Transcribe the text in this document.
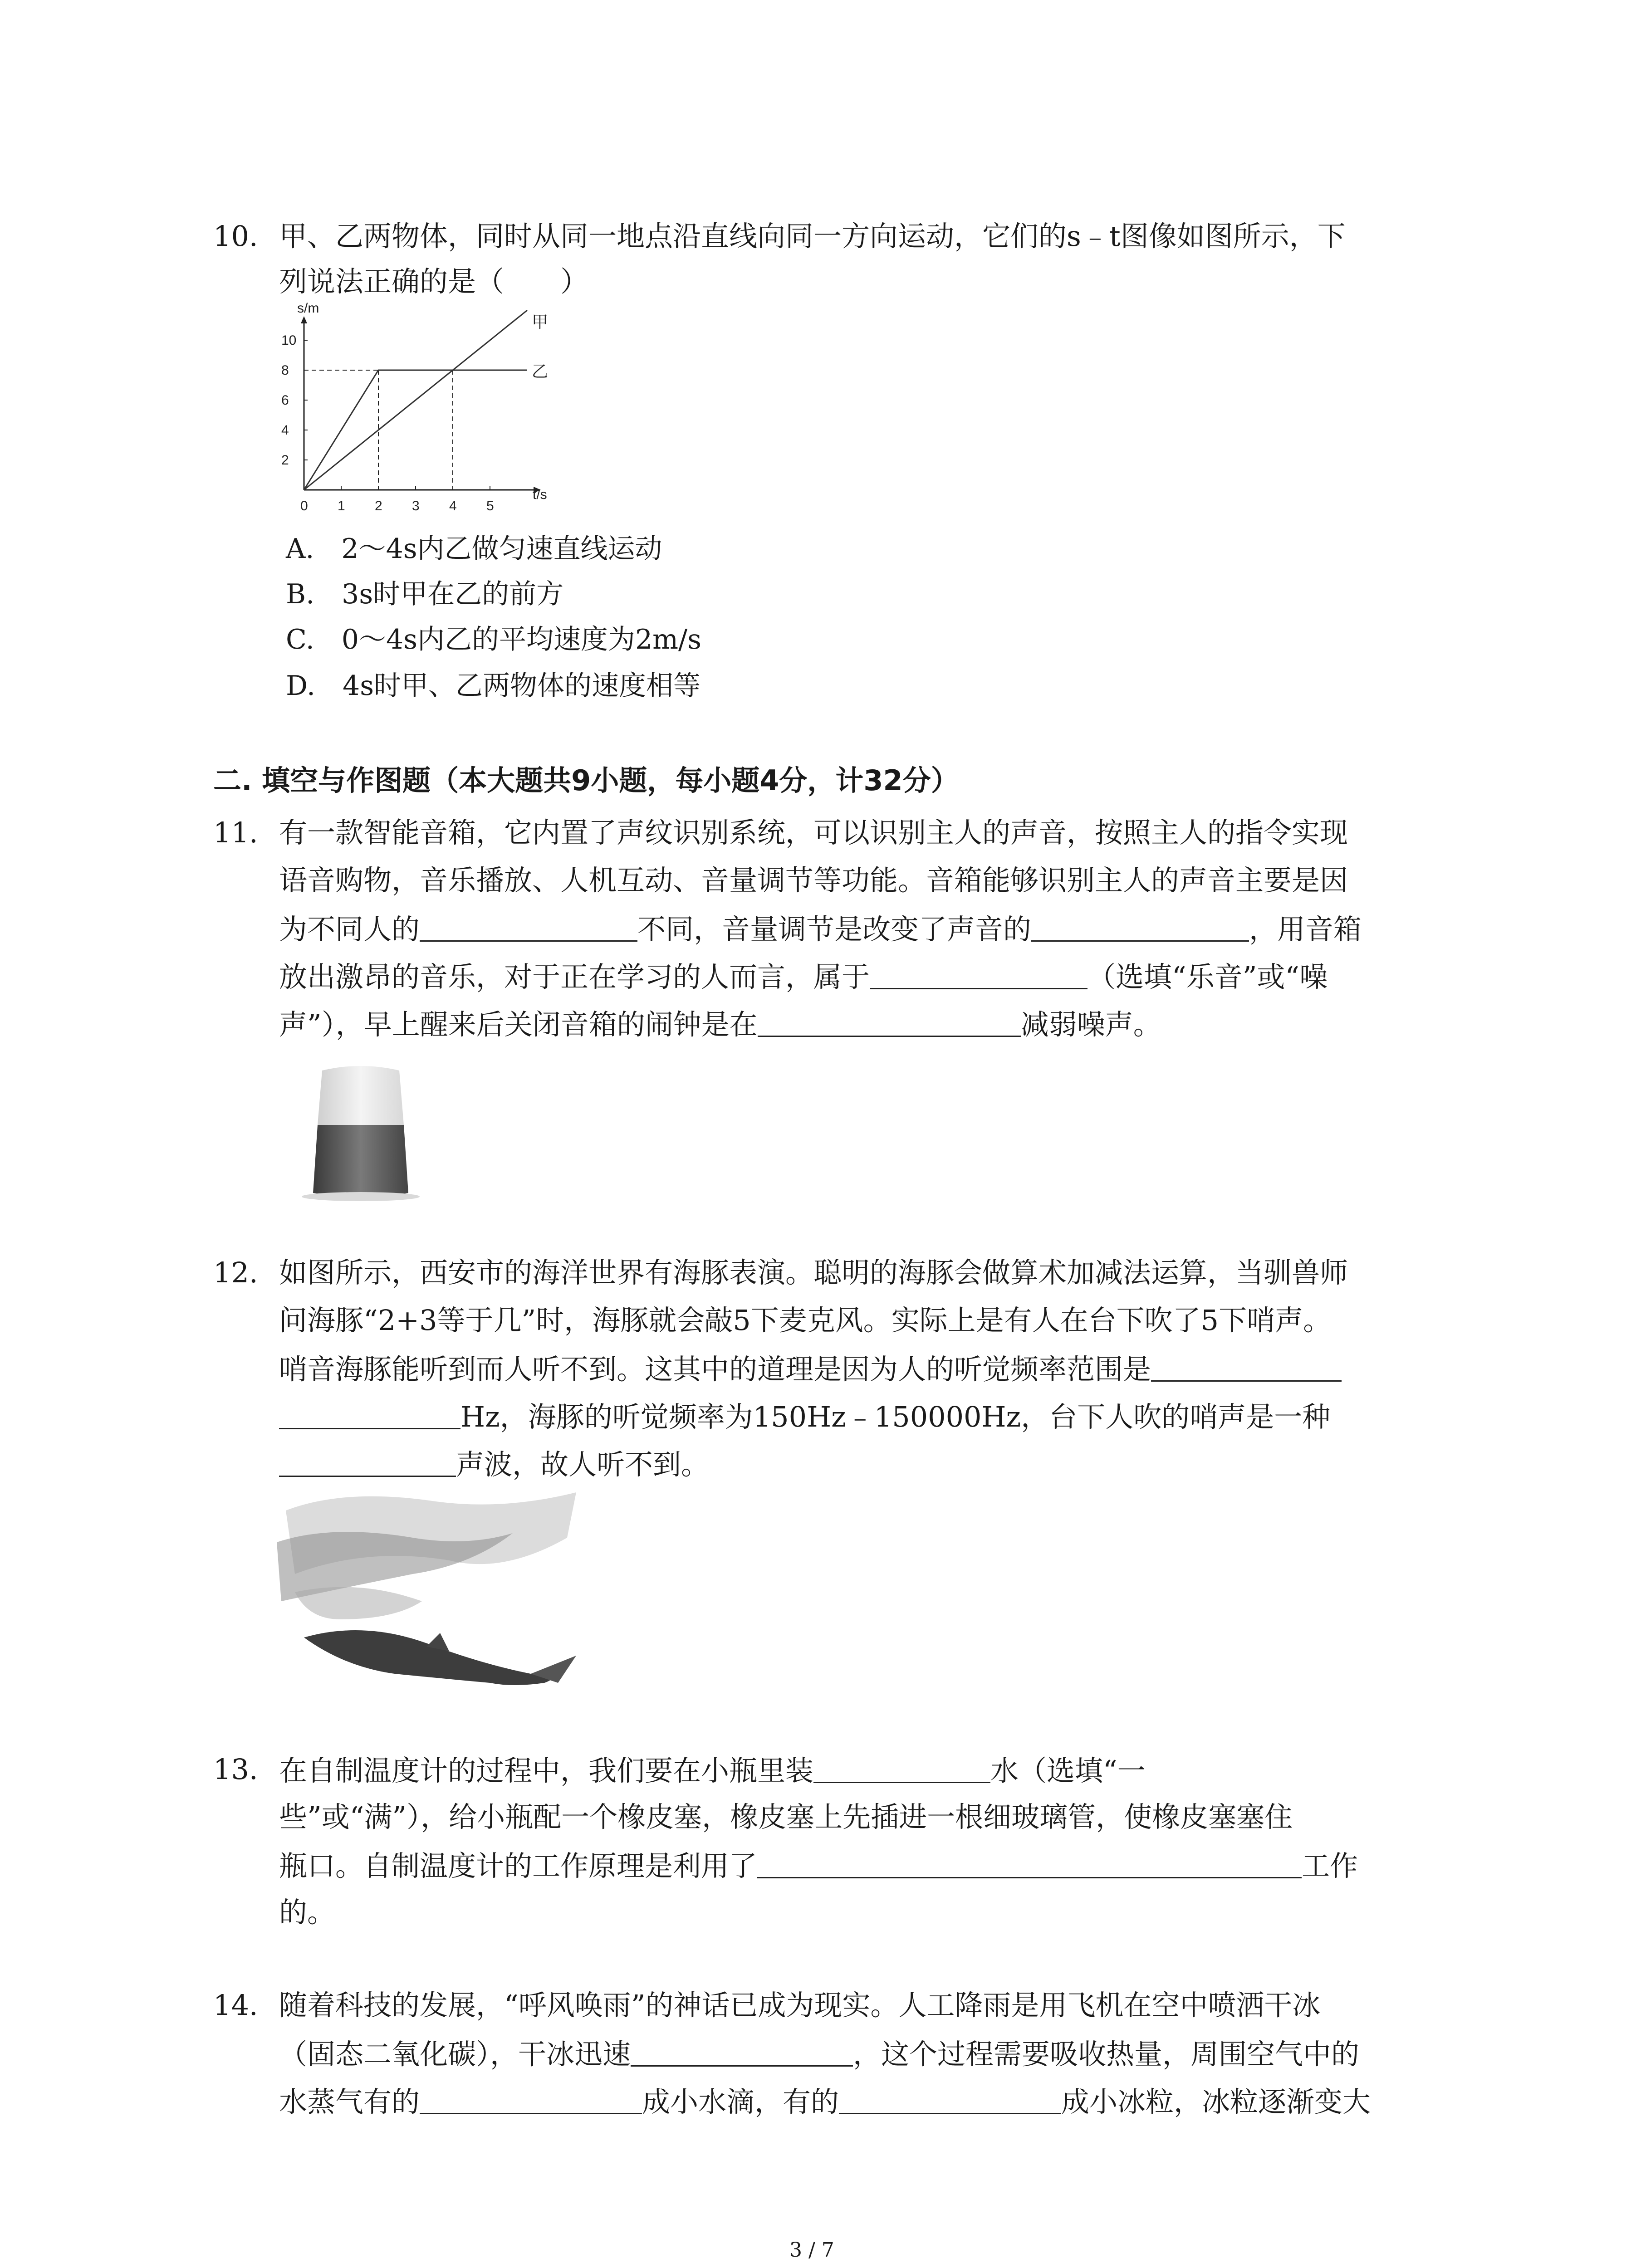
10. 甲、乙两物体，同时从同一地点沿直线向同一方向运动，它们的s﹣t图像如图所示，下
列说法正确的是（　　）
s/m
t/s
0 1 2 3 4 5
2
4
6
8
10
甲
乙
A.　2～4s内乙做匀速直线运动
B.　3s时甲在乙的前方
C.　0～4s内乙的平均速度为2m/s
D.　4s时甲、乙两物体的速度相等
二. 填空与作图题（本大题共9小题，每小题4分，计32分）
11. 有一款智能音箱，它内置了声纹识别系统，可以识别主人的声音，按照主人的指令实现
语音购物，音乐播放、人机互动、音量调节等功能。音箱能够识别主人的声音主要是因
为不同人的	不同，音量调节是改变了声音的	，用音箱
放出激昂的音乐，对于正在学习的人而言，属于	（选填“乐音”或“噪
声”），早上醒来后关闭音箱的闹钟是在	减弱噪声。
12. 如图所示，西安市的海洋世界有海豚表演。聪明的海豚会做算术加减法运算，当驯兽师
问海豚“2+3等于几”时，海豚就会敲5下麦克风。实际上是有人在台下吹了5下哨声。
哨音海豚能听到而人听不到。这其中的道理是因为人的听觉频率范围是
Hz，海豚的听觉频率为150Hz﹣150000Hz，台下人吹的哨声是一种
声波，故人听不到。
13. 在自制温度计的过程中，我们要在小瓶里装	水（选填“一
些”或“满”），给小瓶配一个橡皮塞，橡皮塞上先插进一根细玻璃管，使橡皮塞塞住
瓶口。自制温度计的工作原理是利用了	工作
的。
14. 随着科技的发展，“呼风唤雨”的神话已成为现实。人工降雨是用飞机在空中喷洒干冰
（固态二氧化碳），干冰迅速	，这个过程需要吸收热量，周围空气中的
水蒸气有的	成小水滴，有的	成小冰粒，冰粒逐渐变大
3 / 7
